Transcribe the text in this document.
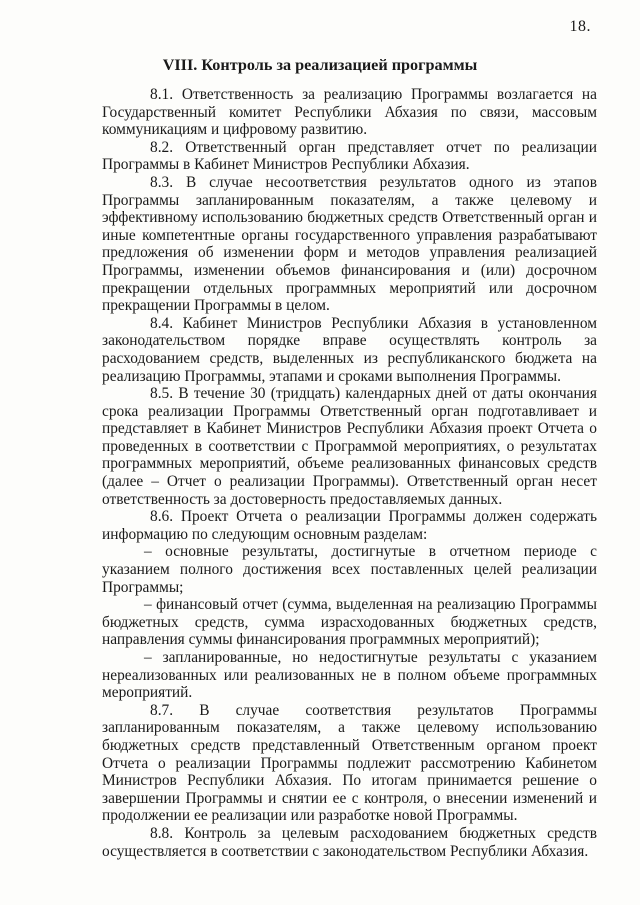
18.
VIII. Контроль за реализацией программы

8.1. Ответственность за реализацию Программы возлагается на Государственный комитет Республики Абхазия по связи, массовым коммуникациям и цифровому развитию.

8.2. Ответственный орган представляет отчет по реализации Программы в Кабинет Министров Республики Абхазия.

8.3. В случае несоответствия результатов одного из этапов Программы запланированным показателям, а также целевому и эффективному использованию бюджетных средств Ответственный орган и иные компетентные органы государственного управления разрабатывают предложения об изменении форм и методов управления реализацией Программы, изменении объемов финансирования и (или) досрочном прекращении отдельных программных мероприятий или досрочном прекращении Программы в целом.

8.4. Кабинет Министров Республики Абхазия в установленном законодательством порядке вправе осуществлять контроль за расходованием средств, выделенных из республиканского бюджета на реализацию Программы, этапами и сроками выполнения Программы.

8.5. В течение 30 (тридцать) календарных дней от даты окончания срока реализации Программы Ответственный орган подготавливает и представляет в Кабинет Министров Республики Абхазия проект Отчета о проведенных в соответствии с Программой мероприятиях, о результатах программных мероприятий, объеме реализованных финансовых средств (далее – Отчет о реализации Программы). Ответственный орган несет ответственность за достоверность предоставляемых данных.

8.6. Проект Отчета о реализации Программы должен содержать информацию по следующим основным разделам:

– основные результаты, достигнутые в отчетном периоде с указанием полного достижения всех поставленных целей реализации Программы;

– финансовый отчет (сумма, выделенная на реализацию Программы бюджетных средств, сумма израсходованных бюджетных средств, направления суммы финансирования программных мероприятий);

– запланированные, но недостигнутые результаты с указанием нереализованных или реализованных не в полном объеме программных мероприятий.

8.7. В случае соответствия результатов Программы запланированным показателям, а также целевому использованию бюджетных средств представленный Ответственным органом проект Отчета о реализации Программы подлежит рассмотрению Кабинетом Министров Республики Абхазия. По итогам принимается решение о завершении Программы и снятии ее с контроля, о внесении изменений и продолжении ее реализации или разработке новой Программы.

8.8. Контроль за целевым расходованием бюджетных средств осуществляется в соответствии с законодательством Республики Абхазия.
